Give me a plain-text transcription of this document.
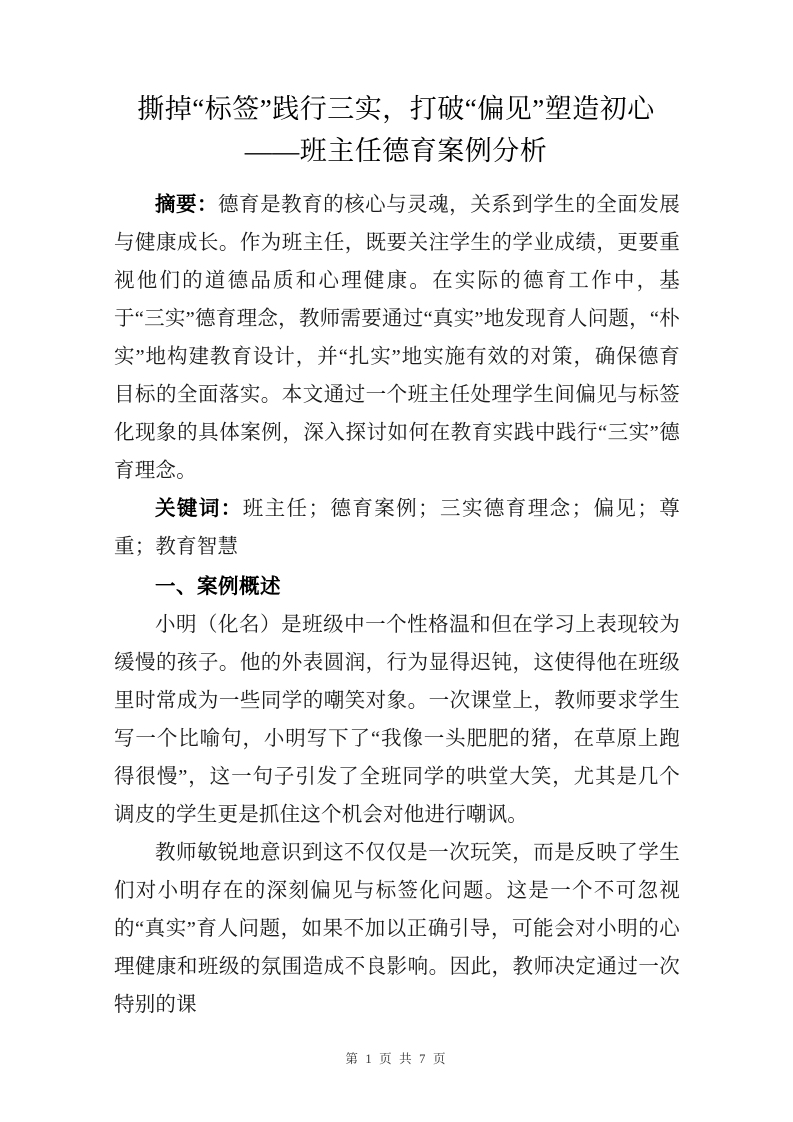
撕掉“标签”践行三实，打破“偏见”塑造初心
——班主任德育案例分析

摘要：德育是教育的核心与灵魂，关系到学生的全面发展与健康成长。作为班主任，既要关注学生的学业成绩，更要重视他们的道德品质和心理健康。在实际的德育工作中，基于“三实”德育理念，教师需要通过“真实”地发现育人问题，“朴实”地构建教育设计，并“扎实”地实施有效的对策，确保德育目标的全面落实。本文通过一个班主任处理学生间偏见与标签化现象的具体案例，深入探讨如何在教育实践中践行“三实”德育理念。

关键词：班主任；德育案例；三实德育理念；偏见；尊重；教育智慧

一、案例概述

小明（化名）是班级中一个性格温和但在学习上表现较为缓慢的孩子。他的外表圆润，行为显得迟钝，这使得他在班级里时常成为一些同学的嘲笑对象。一次课堂上，教师要求学生写一个比喻句，小明写下了“我像一头肥肥的猪，在草原上跑得很慢”，这一句子引发了全班同学的哄堂大笑，尤其是几个调皮的学生更是抓住这个机会对他进行嘲讽。

教师敏锐地意识到这不仅仅是一次玩笑，而是反映了学生们对小明存在的深刻偏见与标签化问题。这是一个不可忽视的“真实”育人问题，如果不加以正确引导，可能会对小明的心理健康和班级的氛围造成不良影响。因此，教师决定通过一次特别的课

第 1 页 共 7 页
